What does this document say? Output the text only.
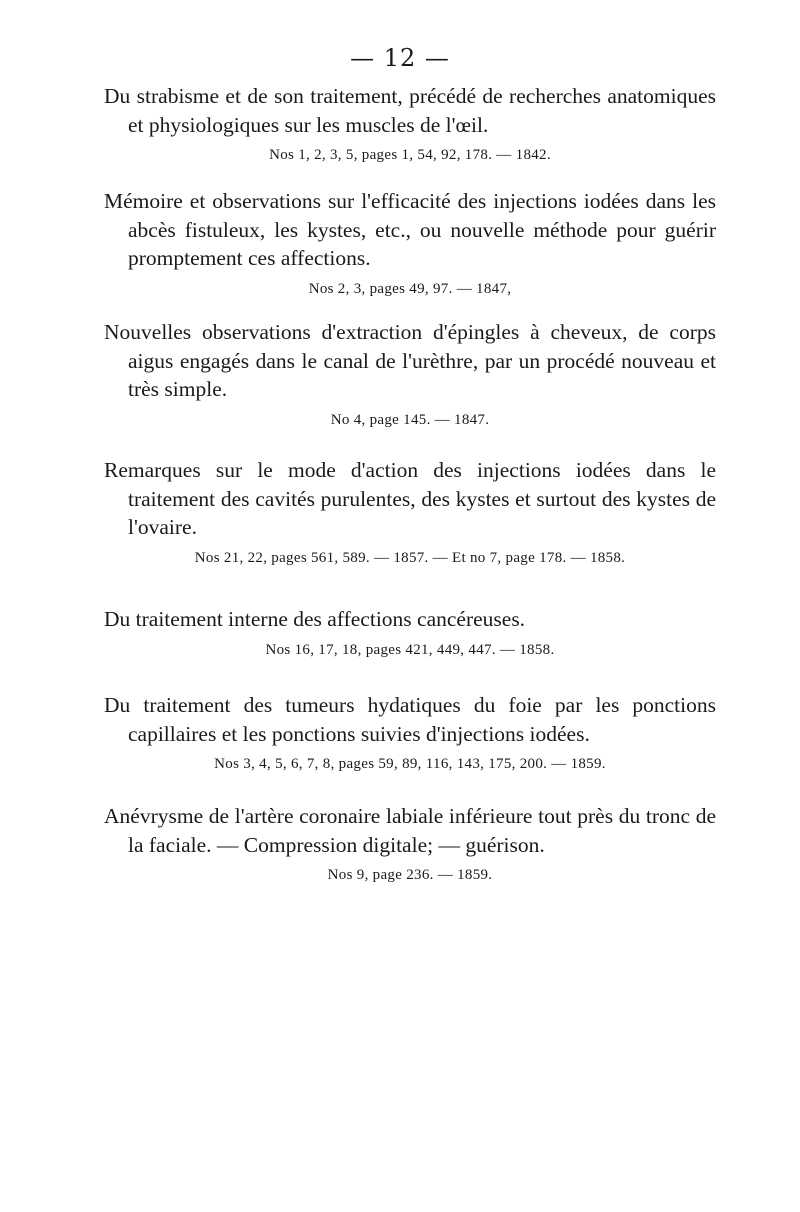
— 12 —

Du strabisme et de son traitement, précédé de recherches anatomiques et physiologiques sur les muscles de l'œil.

Nos 1, 2, 3, 5, pages 1, 54, 92, 178. — 1842.

Mémoire et observations sur l'efficacité des injections iodées dans les abcès fistuleux, les kystes, etc., ou nouvelle méthode pour guérir promptement ces affections.

Nos 2, 3, pages 49, 97. — 1847,

Nouvelles observations d'extraction d'épingles à cheveux, de corps aigus engagés dans le canal de l'urèthre, par un procédé nouveau et très simple.

No 4, page 145. — 1847.

Remarques sur le mode d'action des injections iodées dans le traitement des cavités purulentes, des kystes et surtout des kystes de l'ovaire.

Nos 21, 22, pages 561, 589. — 1857. — Et no 7, page 178. — 1858.

Du traitement interne des affections cancéreuses.

Nos 16, 17, 18, pages 421, 449, 447. — 1858.

Du traitement des tumeurs hydatiques du foie par les ponctions capillaires et les ponctions suivies d'injections iodées.

Nos 3, 4, 5, 6, 7, 8, pages 59, 89, 116, 143, 175, 200. — 1859.

Anévrysme de l'artère coronaire labiale inférieure tout près du tronc de la faciale. — Compression digitale; — guérison.

Nos 9, page 236. — 1859.
